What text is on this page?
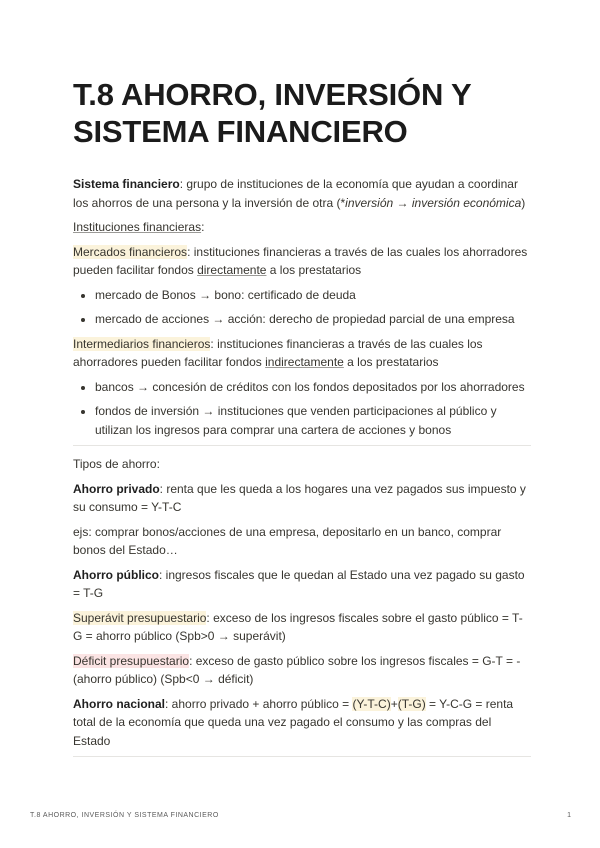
T.8 AHORRO, INVERSIÓN Y SISTEMA FINANCIERO

Sistema financiero: grupo de instituciones de la economía que ayudan a coordinar los ahorros de una persona y la inversión de otra (*inversión → inversión económica)

Instituciones financieras:

Mercados financieros: instituciones financieras a través de las cuales los ahorradores pueden facilitar fondos directamente a los prestatarios

• mercado de Bonos → bono: certificado de deuda
• mercado de acciones → acción: derecho de propiedad parcial de una empresa

Intermediarios financieros: instituciones financieras a través de las cuales los ahorradores pueden facilitar fondos indirectamente a los prestatarios

• bancos → concesión de créditos con los fondos depositados por los ahorradores
• fondos de inversión → instituciones que venden participaciones al público y utilizan los ingresos para comprar una cartera de acciones y bonos

Tipos de ahorro:

Ahorro privado: renta que les queda a los hogares una vez pagados sus impuesto y su consumo = Y-T-C

ejs: comprar bonos/acciones de una empresa, depositarlo en un banco, comprar bonos del Estado…

Ahorro público: ingresos fiscales que le quedan al Estado una vez pagado su gasto = T-G

Superávit presupuestario: exceso de los ingresos fiscales sobre el gasto público = T-G = ahorro público (Spb>0 → superávit)

Déficit presupuestario: exceso de gasto público sobre los ingresos fiscales = G-T = -(ahorro público) (Spb<0 → déficit)

Ahorro nacional: ahorro privado + ahorro público = (Y-T-C)+(T-G) = Y-C-G = renta total de la economía que queda una vez pagado el consumo y las compras del Estado

T.8 AHORRO, INVERSIÓN Y SISTEMA FINANCIERO	1
